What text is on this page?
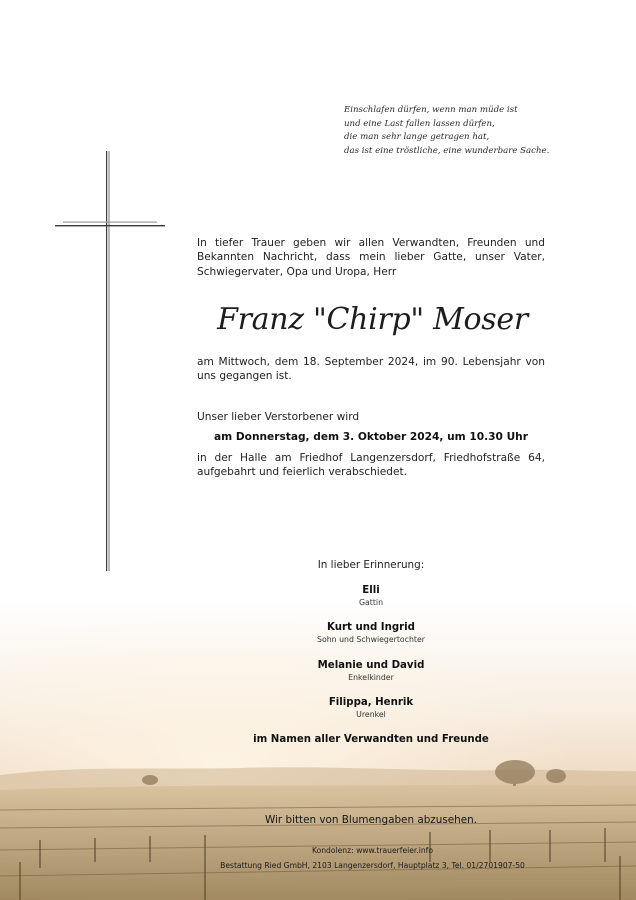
Einschlafen dürfen, wenn man müde ist
und eine Last fallen lassen dürfen,
die man sehr lange getragen hat,
das ist eine tröstliche, eine wunderbare Sache.
In tiefer Trauer geben wir allen Verwandten, Freunden und Bekannten Nachricht, dass mein lieber Gatte, unser Vater, Schwiegervater, Opa und Uropa, Herr
Franz "Chirp" Moser
am Mittwoch, dem 18. September 2024, im 90. Lebensjahr von uns gegangen ist.
Unser lieber Verstorbener wird
am Donnerstag, dem 3. Oktober 2024, um 10.30 Uhr
in der Halle am Friedhof Langenzersdorf, Friedhofstraße 64, aufgebahrt und feierlich verabschiedet.
In lieber Erinnerung:
Elli
Gattin
Kurt und Ingrid
Sohn und Schwiegertochter
Melanie und David
Enkelkinder
Filippa, Henrik
Urenkel
im Namen aller Verwandten und Freunde
Wir bitten von Blumengaben abzusehen.
Kondolenz: www.trauerfeier.info
Bestattung Ried GmbH, 2103 Langenzersdorf, Hauptplatz 3, Tel. 01/2701907-50
